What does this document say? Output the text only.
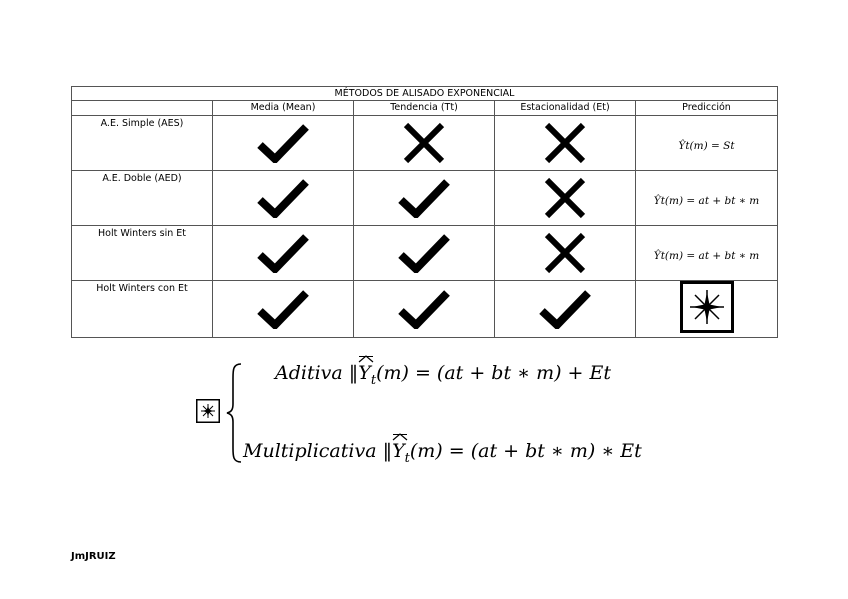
MÉTODOS DE ALISADO EXPONENCIAL				
	Media (Mean)	Tendencia (Tt)	Estacionalidad (Et)	Predicción
A.E. Simple (AES)				Ŷt(m) = St
A.E. Doble (AED)				Ŷt(m) = at + bt ∗ m
Holt Winters sin Et				Ŷt(m) = at + bt ∗ m
Holt Winters con Et	

Aditiva ‖Y
$_t$(m) = (at + bt ∗ m) + Et
Multiplicativa ‖Y
$_t$(m) = (at + bt ∗ m) ∗ Et
JmJRUIZ
